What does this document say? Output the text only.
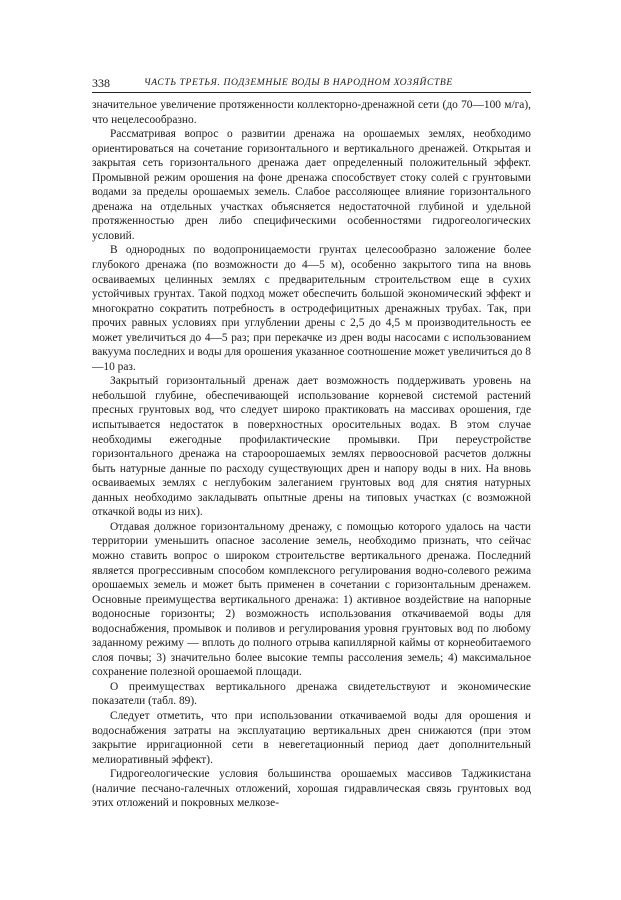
338	ЧАСТЬ ТРЕТЬЯ. ПОДЗЕМНЫЕ ВОДЫ В НАРОДНОМ ХОЗЯЙСТВЕ

значительное увеличение протяженности коллекторно-дренажной сети (до 70—100 м/га), что нецелесообразно.

Рассматривая вопрос о развитии дренажа на орошаемых землях, необходимо ориентироваться на сочетание горизонтального и вертикального дренажей. Открытая и закрытая сеть горизонтального дренажа дает определенный положительный эффект. Промывной режим орошения на фоне дренажа способствует стоку солей с грунтовыми водами за пределы орошаемых земель. Слабое рассоляющее влияние горизонтального дренажа на отдельных участках объясняется недостаточной глубиной и удельной протяженностью дрен либо специфическими особенностями гидрогеологических условий.

В однородных по водопроницаемости грунтах целесообразно заложение более глубокого дренажа (по возможности до 4—5 м), особенно закрытого типа на вновь осваиваемых целинных землях с предварительным строительством еще в сухих устойчивых грунтах. Такой подход может обеспечить большой экономический эффект и многократно сократить потребность в остродефицитных дренажных трубах. Так, при прочих равных условиях при углублении дрены с 2,5 до 4,5 м производительность ее может увеличиться до 4—5 раз; при перекачке из дрен воды насосами с использованием вакуума последних и воды для орошения указанное соотношение может увеличиться до 8—10 раз.

Закрытый горизонтальный дренаж дает возможность поддерживать уровень на небольшой глубине, обеспечивающей использование корневой системой растений пресных грунтовых вод, что следует широко практиковать на массивах орошения, где испытывается недостаток в поверхностных оросительных водах. В этом случае необходимы ежегодные профилактические промывки. При переустройстве горизонтального дренажа на староорошаемых землях первоосновой расчетов должны быть натурные данные по расходу существующих дрен и напору воды в них. На вновь осваиваемых землях с неглубоким залеганием грунтовых вод для снятия натурных данных необходимо закладывать опытные дрены на типовых участках (с возможной откачкой воды из них).

Отдавая должное горизонтальному дренажу, с помощью которого удалось на части территории уменьшить опасное засоление земель, необходимо признать, что сейчас можно ставить вопрос о широком строительстве вертикального дренажа. Последний является прогрессивным способом комплексного регулирования водно-солевого режима орошаемых земель и может быть применен в сочетании с горизонтальным дренажем. Основные преимущества вертикального дренажа: 1) активное воздействие на напорные водоносные горизонты; 2) возможность использования откачиваемой воды для водоснабжения, промывок и поливов и регулирования уровня грунтовых вод по любому заданному режиму — вплоть до полного отрыва капиллярной каймы от корнеобитаемого слоя почвы; 3) значительно более высокие темпы рассоления земель; 4) максимальное сохранение полезной орошаемой площади.

О преимуществах вертикального дренажа свидетельствуют и экономические показатели (табл. 89).

Следует отметить, что при использовании откачиваемой воды для орошения и водоснабжения затраты на эксплуатацию вертикальных дрен снижаются (при этом закрытие ирригационной сети в невегетационный период дает дополнительный мелиоративный эффект).

Гидрогеологические условия большинства орошаемых массивов Таджикистана (наличие песчано-галечных отложений, хорошая гидравлическая связь грунтовых вод этих отложений и покровных мелкозе-
